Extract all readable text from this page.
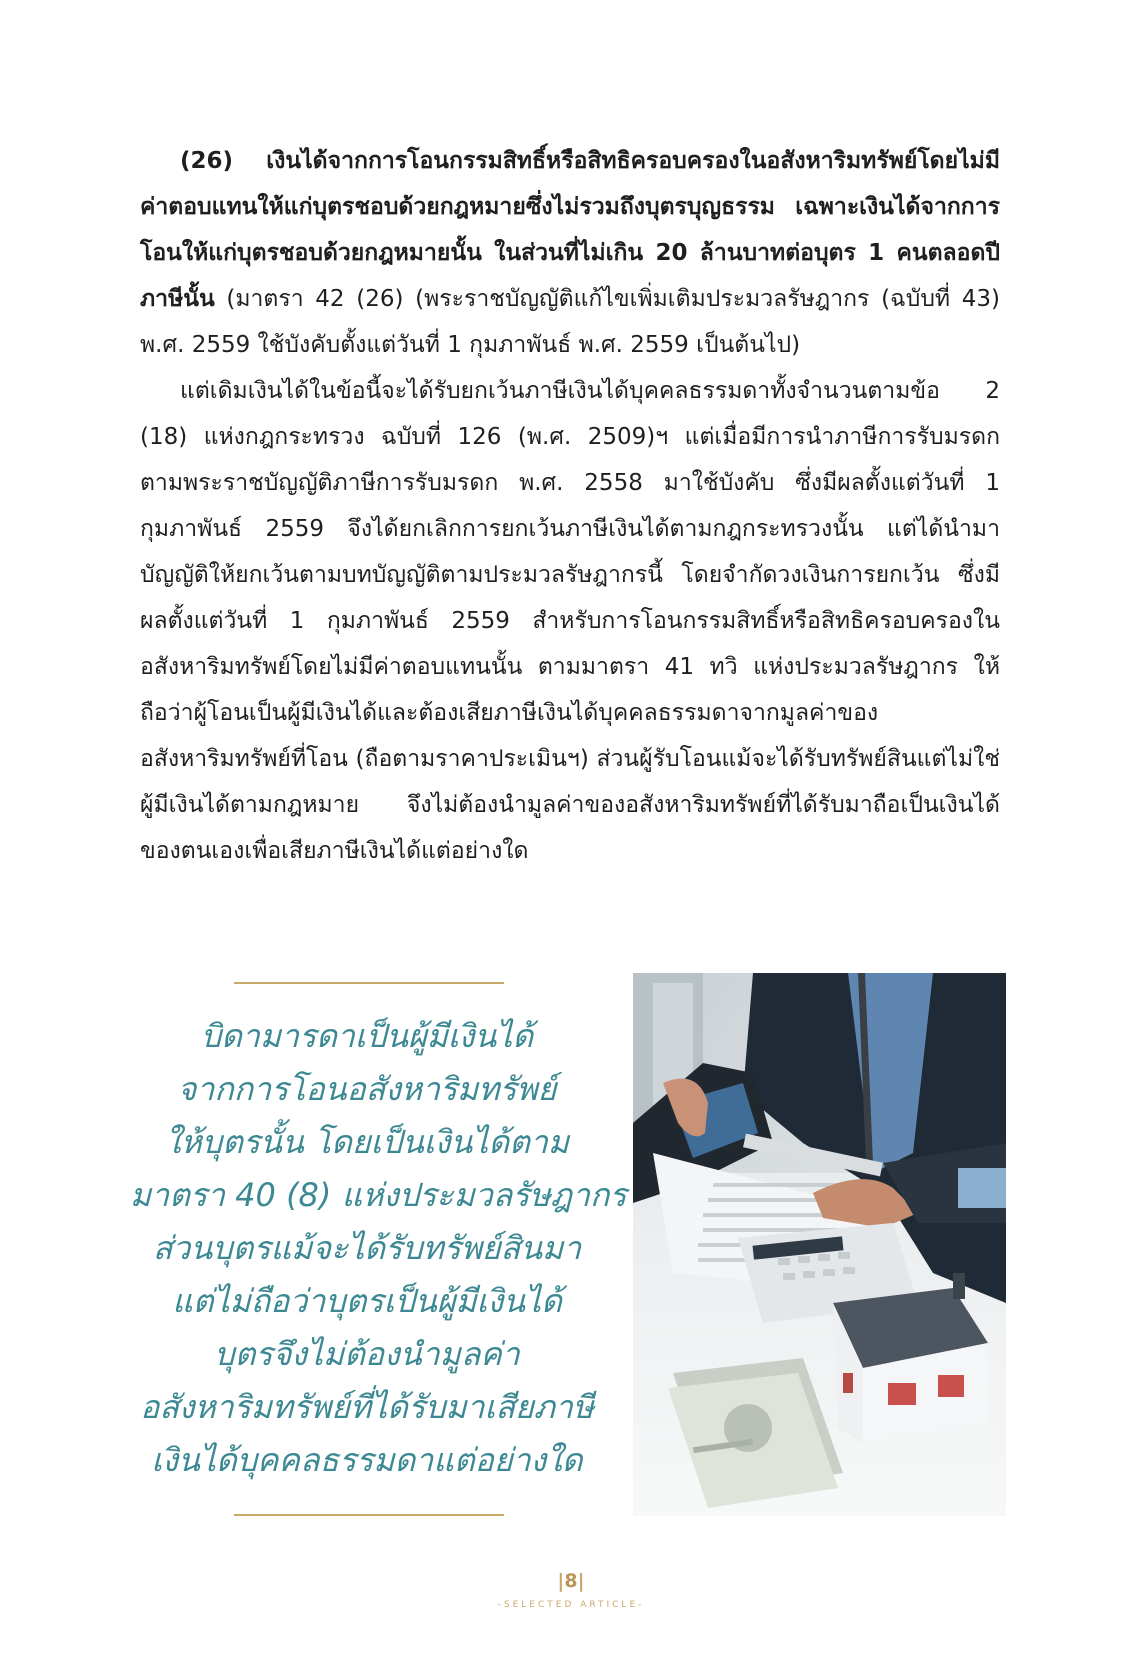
(26) เงินได้จากการโอนกรรมสิทธิ์หรือสิทธิครอบครองในอสังหาริมทรัพย์โดยไม่มีค่าตอบแทนให้แก่บุตรชอบด้วยกฎหมายซึ่งไม่รวมถึงบุตรบุญธรรม เฉพาะเงินได้จากการโอนให้แก่บุตรชอบด้วยกฎหมายนั้น ในส่วนที่ไม่เกิน 20 ล้านบาทต่อบุตร 1 คนตลอดปีภาษีนั้น (มาตรา 42 (26) (พระราชบัญญัติแก้ไขเพิ่มเติมประมวลรัษฎากร (ฉบับที่ 43) พ.ศ. 2559 ใช้บังคับตั้งแต่วันที่ 1 กุมภาพันธ์ พ.ศ. 2559 เป็นต้นไป)

แต่เดิมเงินได้ในข้อนี้จะได้รับยกเว้นภาษีเงินได้บุคคลธรรมดาทั้งจำนวนตามข้อ 2 (18) แห่งกฎกระทรวง ฉบับที่ 126 (พ.ศ. 2509)ฯ แต่เมื่อมีการนำภาษีการรับมรดกตามพระราชบัญญัติภาษีการรับมรดก พ.ศ. 2558 มาใช้บังคับ ซึ่งมีผลตั้งแต่วันที่ 1 กุมภาพันธ์ 2559 จึงได้ยกเลิกการยกเว้นภาษีเงินได้ตามกฎกระทรวงนั้น แต่ได้นำมาบัญญัติให้ยกเว้นตามบทบัญญัติตามประมวลรัษฎากรนี้ โดยจำกัดวงเงินการยกเว้น ซึ่งมีผลตั้งแต่วันที่ 1 กุมภาพันธ์ 2559 สำหรับการโอนกรรมสิทธิ์หรือสิทธิครอบครองในอสังหาริมทรัพย์โดยไม่มีค่าตอบแทนนั้น ตามมาตรา 41 ทวิ แห่งประมวลรัษฎากร ให้ถือว่าผู้โอนเป็นผู้มีเงินได้และต้องเสียภาษีเงินได้บุคคลธรรมดาจากมูลค่าของอสังหาริมทรัพย์ที่โอน (ถือตามราคาประเมินฯ) ส่วนผู้รับโอนแม้จะได้รับทรัพย์สินแต่ไม่ใช่ผู้มีเงินได้ตามกฎหมาย จึงไม่ต้องนำมูลค่าของอสังหาริมทรัพย์ที่ได้รับมาถือเป็นเงินได้ของตนเองเพื่อเสียภาษีเงินได้แต่อย่างใด

บิดามารดาเป็นผู้มีเงินได้
จากการโอนอสังหาริมทรัพย์
ให้บุตรนั้น โดยเป็นเงินได้ตาม
มาตรา 40 (8) แห่งประมวลรัษฎากร
ส่วนบุตรแม้จะได้รับทรัพย์สินมา
แต่ไม่ถือว่าบุตรเป็นผู้มีเงินได้
บุตรจึงไม่ต้องนำมูลค่า
อสังหาริมทรัพย์ที่ได้รับมาเสียภาษี
เงินได้บุคคลธรรมดาแต่อย่างใด
|8|
-SELECTED ARTICLE-
